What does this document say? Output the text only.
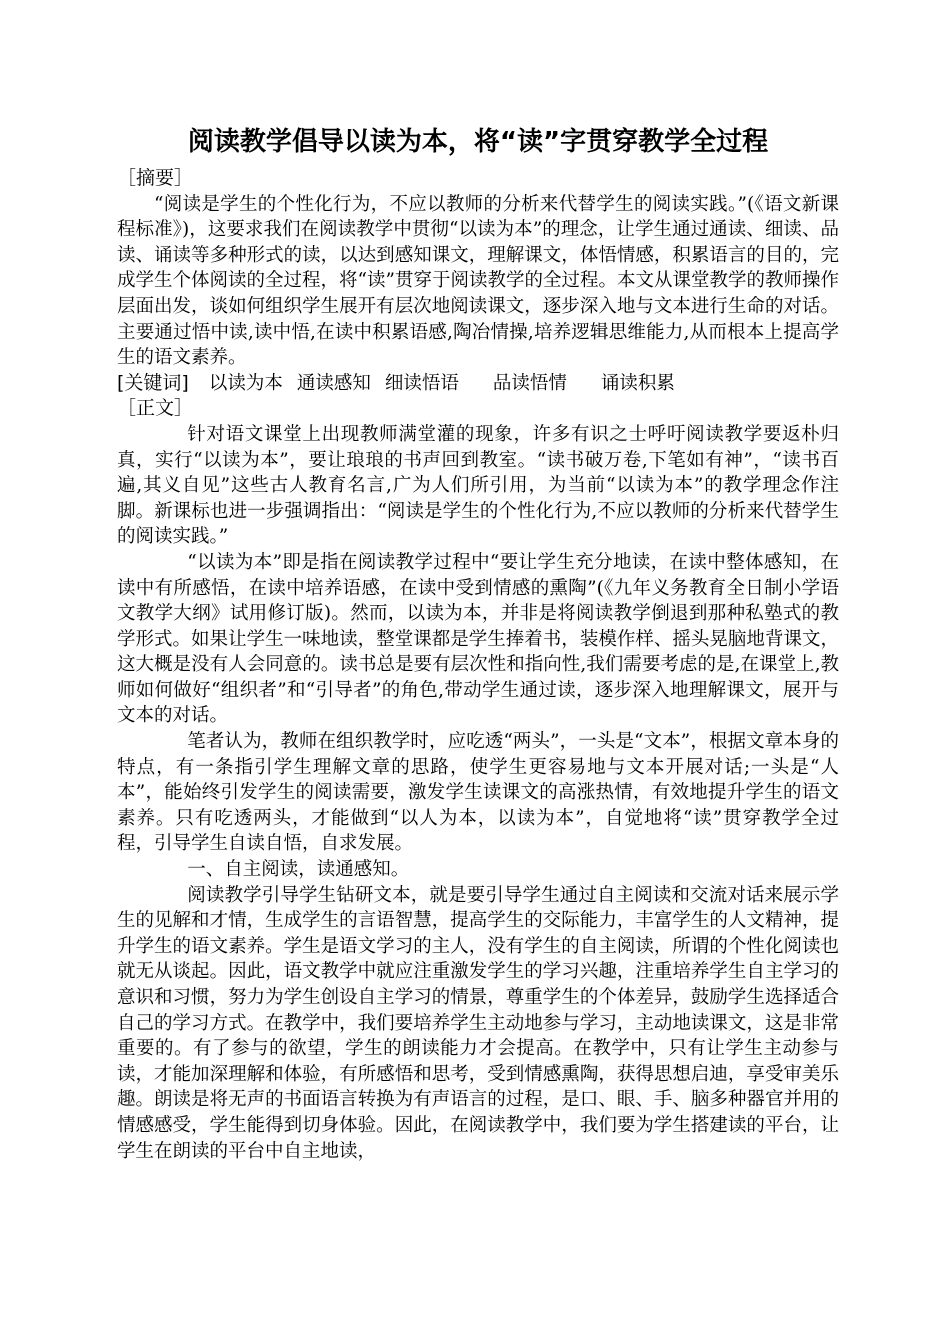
阅读教学倡导以读为本，将“读”字贯穿教学全过程
［摘要］

“阅读是学生的个性化行为，不应以教师的分析来代替学生的阅读实践。”(《语文新课程标准》)，这要求我们在阅读教学中贯彻“以读为本”的理念，让学生通过通读、细读、品读、诵读等多种形式的读，以达到感知课文，理解课文，体悟情感，积累语言的目的，完成学生个体阅读的全过程，将“读”贯穿于阅读教学的全过程。本文从课堂教学的教师操作层面出发，谈如何组织学生展开有层次地阅读课文，逐步深入地与文本进行生命的对话。主要通过悟中读,读中悟,在读中积累语感,陶冶情操,培养逻辑思维能力,从而根本上提高学生的语文素养。

[关键词] 以读为本 通读感知 细读悟语 品读悟情 诵读积累
［正文］

针对语文课堂上出现教师满堂灌的现象，许多有识之士呼吁阅读教学要返朴归真，实行“以读为本”，要让琅琅的书声回到教室。“读书破万卷,下笔如有神”，“读书百遍,其义自见”这些古人教育名言,广为人们所引用，为当前“以读为本”的教学理念作注脚。新课标也进一步强调指出：“阅读是学生的个性化行为,不应以教师的分析来代替学生的阅读实践。”

“以读为本”即是指在阅读教学过程中“要让学生充分地读，在读中整体感知，在读中有所感悟，在读中培养语感，在读中受到情感的熏陶”(《九年义务教育全日制小学语文教学大纲》试用修订版)。然而，以读为本，并非是将阅读教学倒退到那种私塾式的教学形式。如果让学生一味地读，整堂课都是学生捧着书，装模作样、摇头晃脑地背课文，这大概是没有人会同意的。读书总是要有层次性和指向性,我们需要考虑的是,在课堂上,教师如何做好“组织者”和“引导者”的角色,带动学生通过读，逐步深入地理解课文，展开与文本的对话。

笔者认为，教师在组织教学时，应吃透“两头”，一头是“文本”，根据文章本身的特点，有一条指引学生理解文章的思路，使学生更容易地与文本开展对话;一头是“人本”，能始终引发学生的阅读需要，激发学生读课文的高涨热情，有效地提升学生的语文素养。只有吃透两头，才能做到“以人为本，以读为本”，自觉地将“读”贯穿教学全过程，引导学生自读自悟，自求发展。

一、自主阅读，读通感知。

阅读教学引导学生钻研文本，就是要引导学生通过自主阅读和交流对话来展示学生的见解和才情，生成学生的言语智慧，提高学生的交际能力，丰富学生的人文精神，提升学生的语文素养。学生是语文学习的主人，没有学生的自主阅读，所谓的个性化阅读也就无从谈起。因此，语文教学中就应注重激发学生的学习兴趣，注重培养学生自主学习的意识和习惯，努力为学生创设自主学习的情景，尊重学生的个体差异，鼓励学生选择适合自己的学习方式。在教学中，我们要培养学生主动地参与学习，主动地读课文，这是非常重要的。有了参与的欲望，学生的朗读能力才会提高。在教学中，只有让学生主动参与读，才能加深理解和体验，有所感悟和思考，受到情感熏陶，获得思想启迪，享受审美乐趣。朗读是将无声的书面语言转换为有声语言的过程，是口、眼、手、脑多种器官并用的情感感受，学生能得到切身体验。因此，在阅读教学中，我们要为学生搭建读的平台，让学生在朗读的平台中自主地读，
